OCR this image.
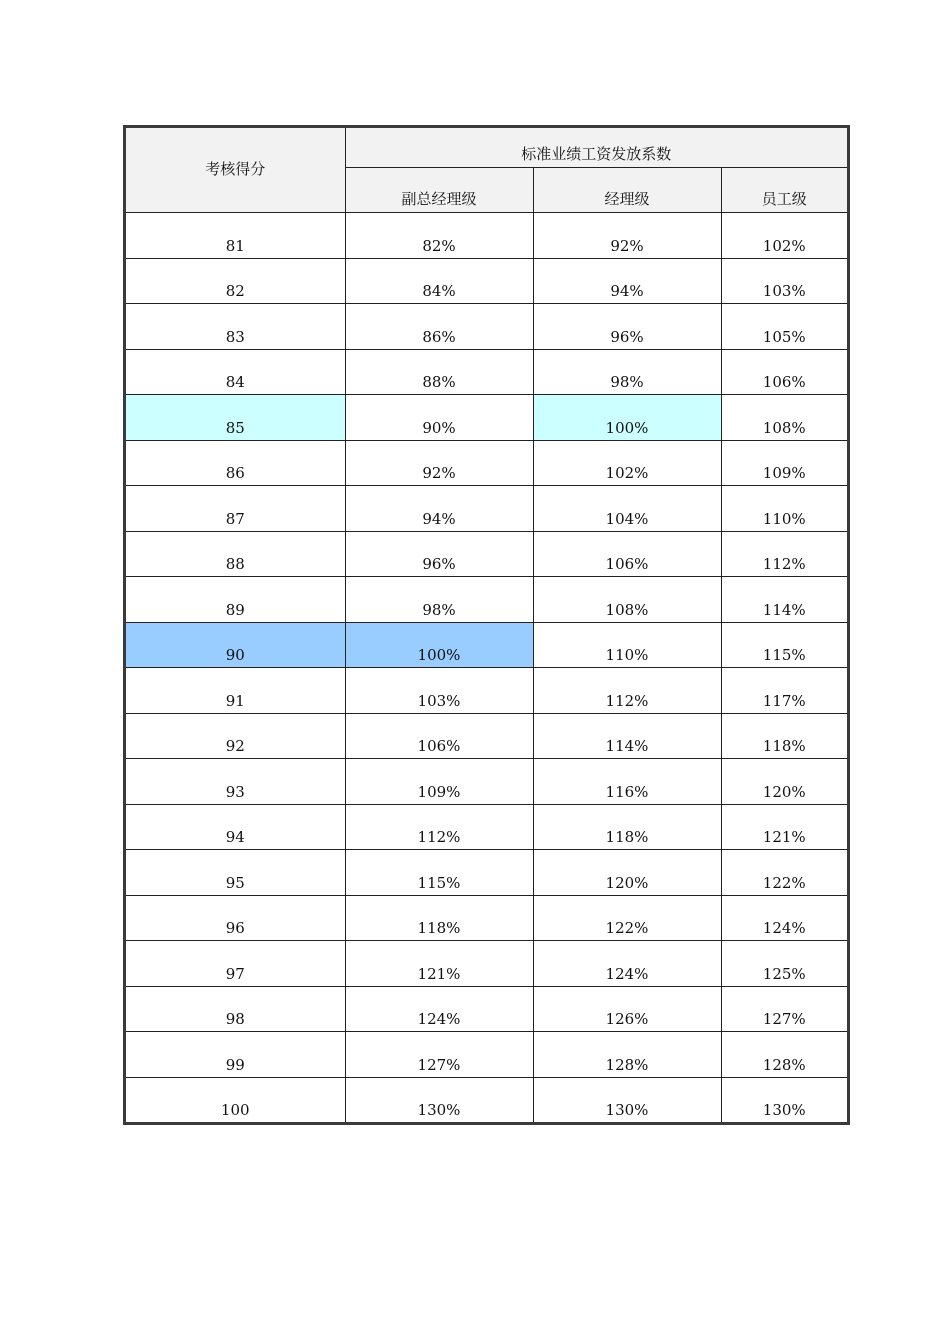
考核得分	标准业绩工资发放系数		
	副总经理级	经理级	员工级
81	82%	92%	102%
82	84%	94%	103%
83	86%	96%	105%
84	88%	98%	106%
85	90%	100%	108%
86	92%	102%	109%
87	94%	104%	110%
88	96%	106%	112%
89	98%	108%	114%
90	100%	110%	115%
91	103%	112%	117%
92	106%	114%	118%
93	109%	116%	120%
94	112%	118%	121%
95	115%	120%	122%
96	118%	122%	124%
97	121%	124%	125%
98	124%	126%	127%
99	127%	128%	128%
100	130%	130%	130%
